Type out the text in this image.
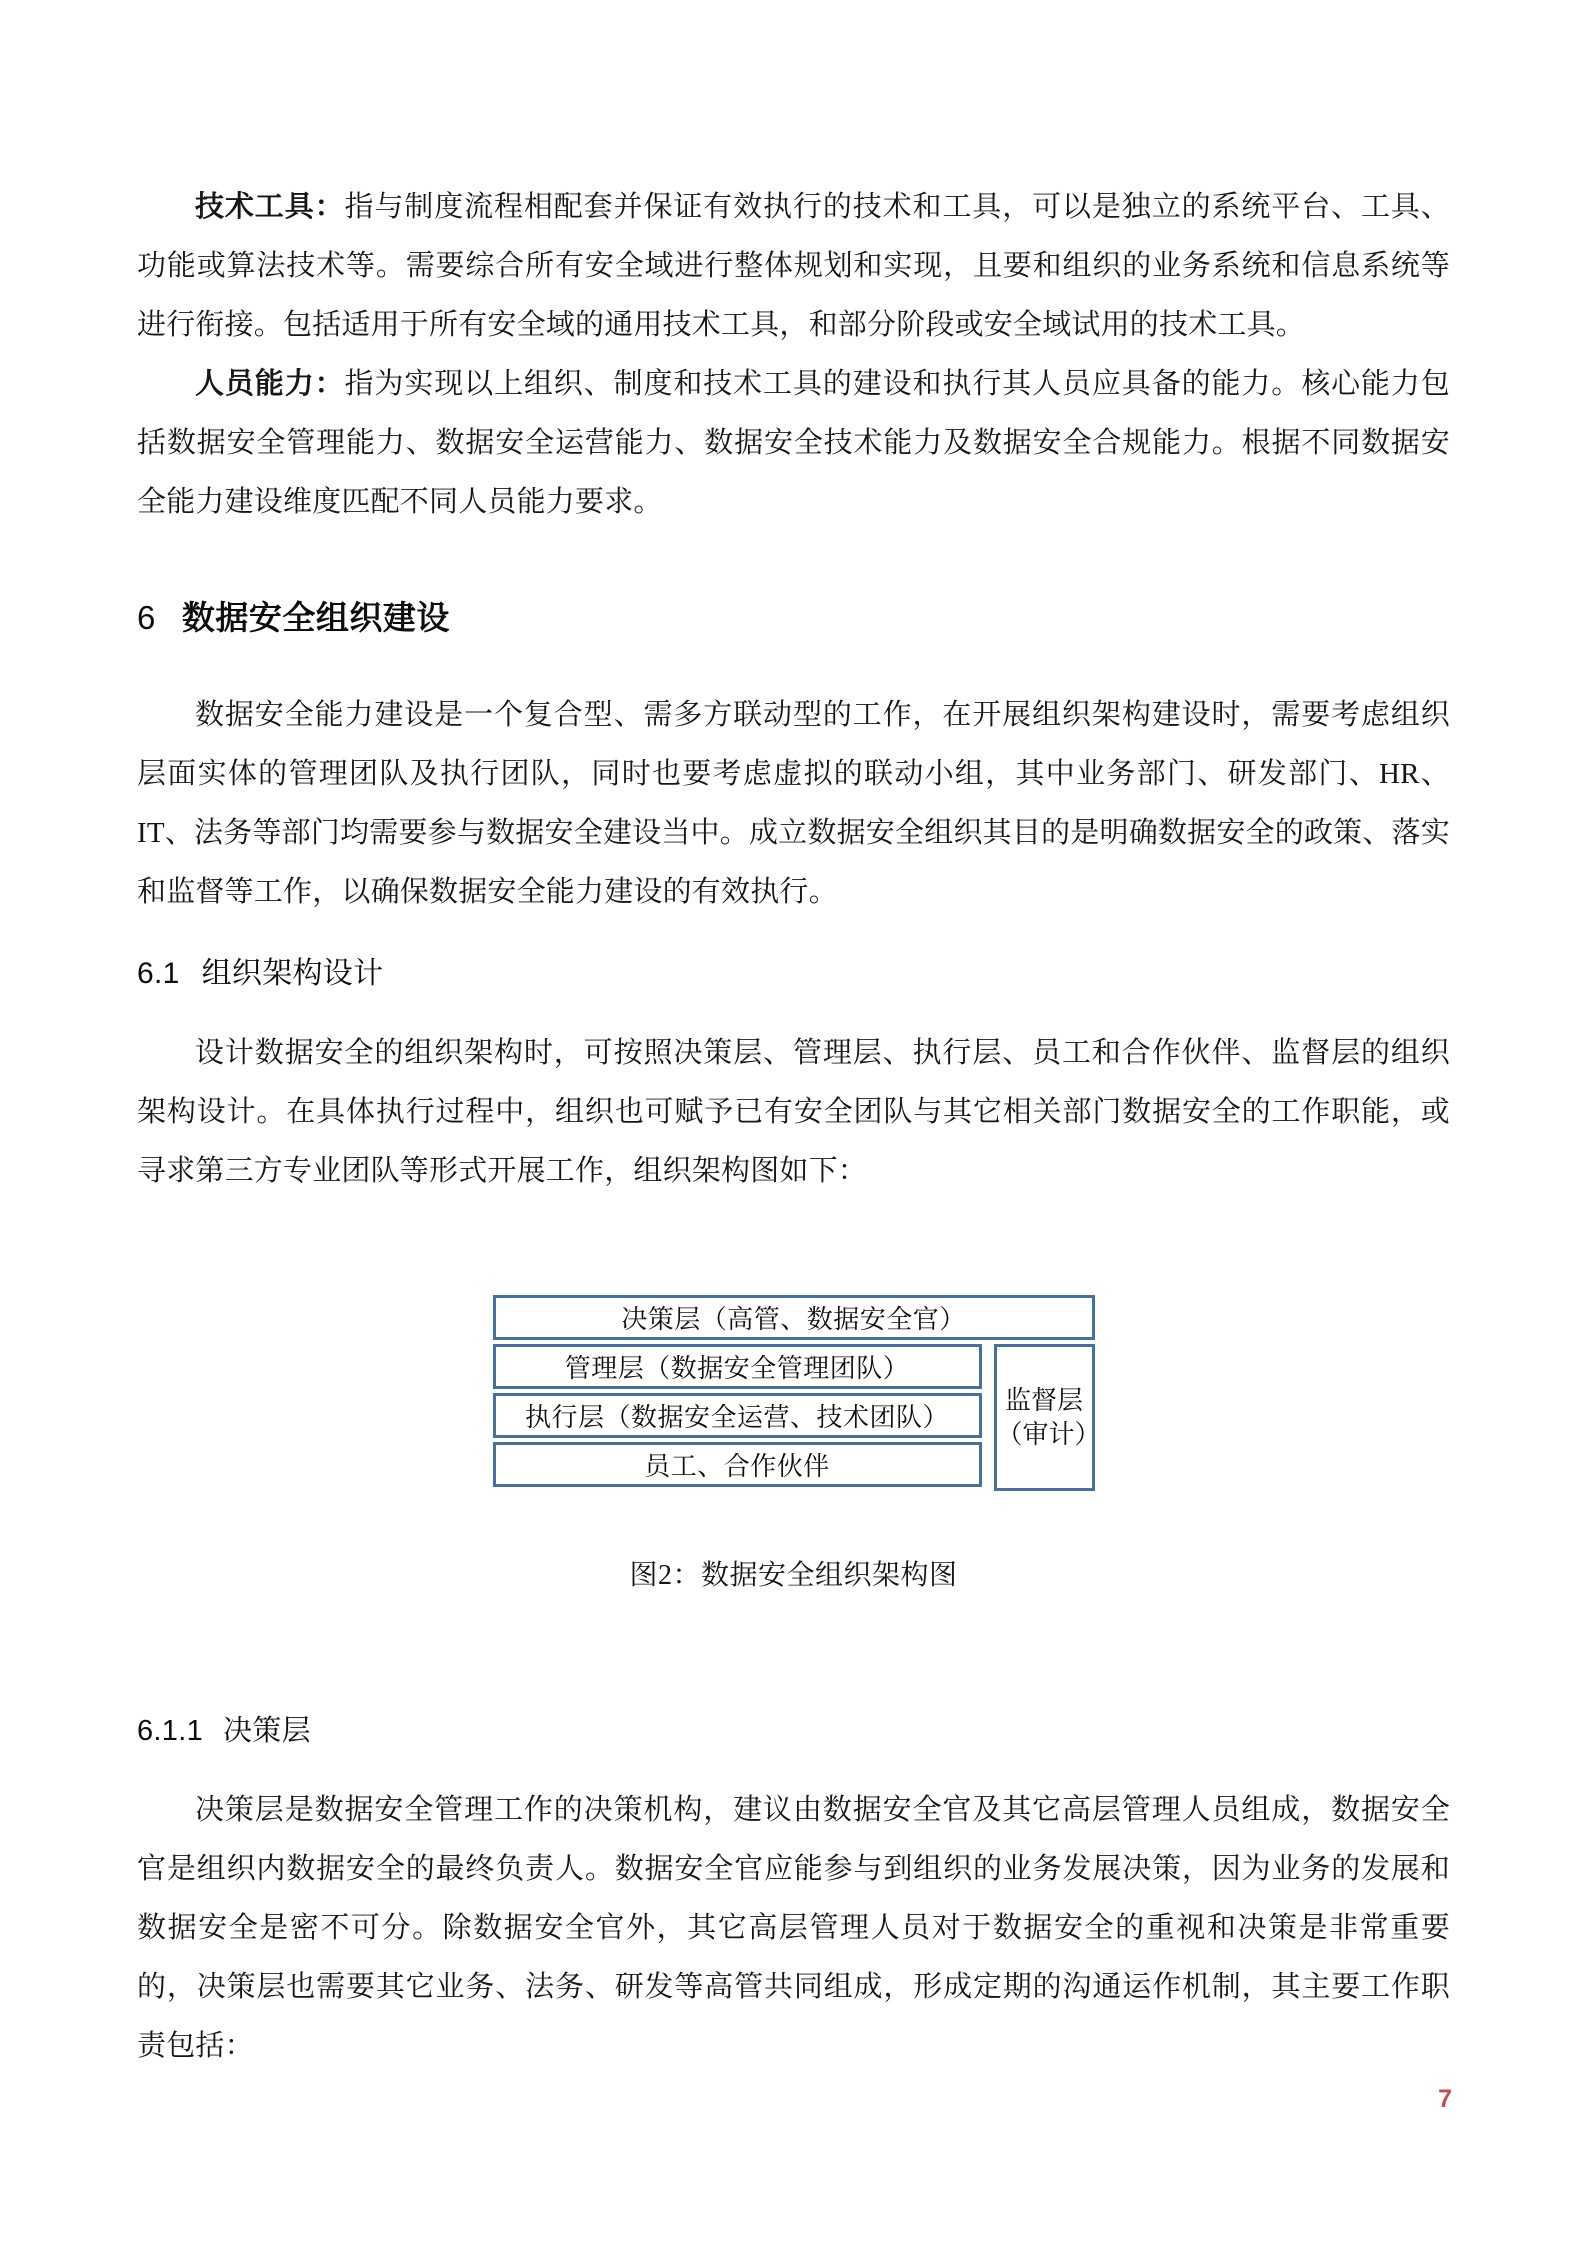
技术工具：指与制度流程相配套并保证有效执行的技术和工具，可以是独立的系统平台、工具、功能或算法技术等。需要综合所有安全域进行整体规划和实现，且要和组织的业务系统和信息系统等进行衔接。包括适用于所有安全域的通用技术工具，和部分阶段或安全域试用的技术工具。

人员能力：指为实现以上组织、制度和技术工具的建设和执行其人员应具备的能力。核心能力包括数据安全管理能力、数据安全运营能力、数据安全技术能力及数据安全合规能力。根据不同数据安全能力建设维度匹配不同人员能力要求。

6 数据安全组织建设

数据安全能力建设是一个复合型、需多方联动型的工作，在开展组织架构建设时，需要考虑组织层面实体的管理团队及执行团队，同时也要考虑虚拟的联动小组，其中业务部门、研发部门、HR、IT、法务等部门均需要参与数据安全建设当中。成立数据安全组织其目的是明确数据安全的政策、落实和监督等工作，以确保数据安全能力建设的有效执行。

6.1 组织架构设计

设计数据安全的组织架构时，可按照决策层、管理层、执行层、员工和合作伙伴、监督层的组织架构设计。在具体执行过程中，组织也可赋予已有安全团队与其它相关部门数据安全的工作职能，或寻求第三方专业团队等形式开展工作，组织架构图如下：

决策层（高管、数据安全官）
管理层（数据安全管理团队）
执行层（数据安全运营、技术团队）
员工、合作伙伴
监督层
（审计）

图2：数据安全组织架构图

6.1.1 决策层

决策层是数据安全管理工作的决策机构，建议由数据安全官及其它高层管理人员组成，数据安全官是组织内数据安全的最终负责人。数据安全官应能参与到组织的业务发展决策，因为业务的发展和数据安全是密不可分。除数据安全官外，其它高层管理人员对于数据安全的重视和决策是非常重要的，决策层也需要其它业务、法务、研发等高管共同组成，形成定期的沟通运作机制，其主要工作职责包括：

7
